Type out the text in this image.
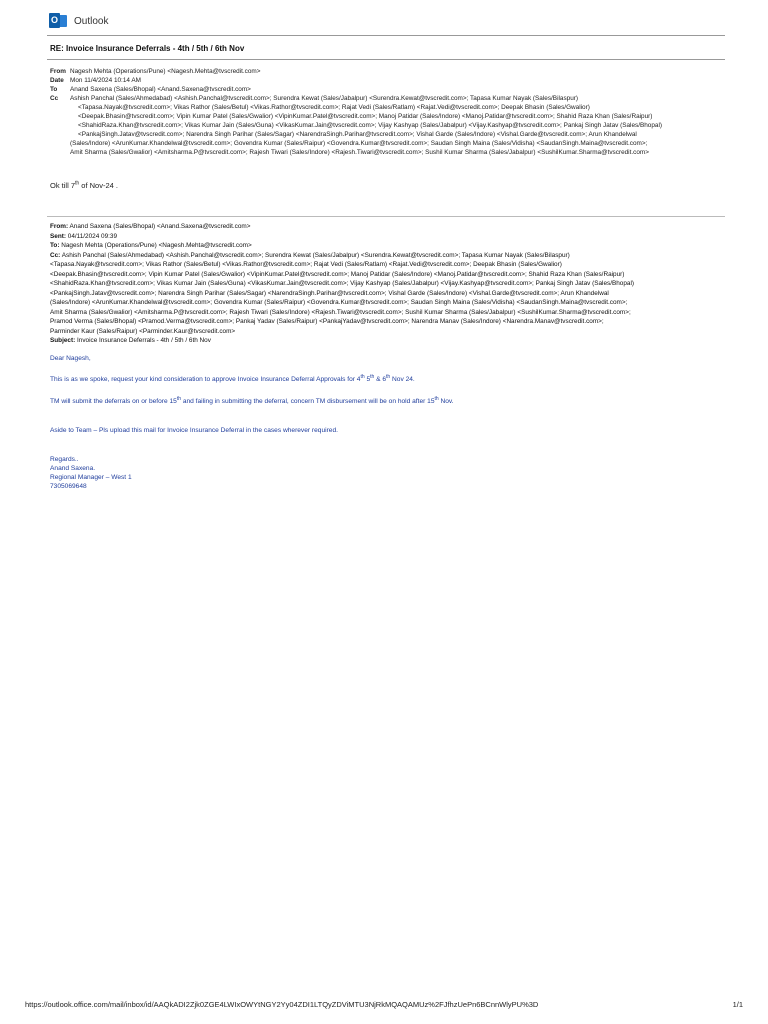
O Outlook
RE: Invoice Insurance Deferrals - 4th / 5th / 6th Nov
From Nagesh Mehta (Operations/Pune) <Nagesh.Mehta@tvscredit.com>
Date Mon 11/4/2024 10:14 AM
To	Anand Saxena (Sales/Bhopal) <Anand.Saxena@tvscredit.com>
Cc	Ashish Panchal (Sales/Ahmedabad) <Ashish.Panchal@tvscredit.com>; Surendra Kewat (Sales/Jabalpur) <Surendra.Kewat@tvscredit.com>; Tapasa Kumar Nayak (Sales/Bilaspur)
<Tapasa.Nayak@tvscredit.com>; Vikas Rathor (Sales/Betul) <Vikas.Rathor@tvscredit.com>; Rajat Vedi (Sales/Ratlam) <Rajat.Vedi@tvscredit.com>; Deepak Bhasin (Sales/Gwalior)
<Deepak.Bhasin@tvscredit.com>; Vipin Kumar Patel (Sales/Gwalior) <VipinKumar.Patel@tvscredit.com>; Manoj Patidar (Sales/Indore) <Manoj.Patidar@tvscredit.com>; Shahid Raza Khan (Sales/Raipur)
<ShahidRaza.Khan@tvscredit.com>; Vikas Kumar Jain (Sales/Guna) <VikasKumar.Jain@tvscredit.com>; Vijay Kashyap (Sales/Jabalpur) <Vijay.Kashyap@tvscredit.com>; Pankaj Singh Jatav (Sales/Bhopal)
<PankajSingh.Jatav@tvscredit.com>; Narendra Singh Parihar (Sales/Sagar) <NarendraSingh.Parihar@tvscredit.com>; Vishal Garde (Sales/Indore) <Vishal.Garde@tvscredit.com>; Arun Khandelwal
(Sales/Indore) <ArunKumar.Khandelwal@tvscredit.com>; Govendra Kumar (Sales/Raipur) <Govendra.Kumar@tvscredit.com>; Saudan Singh Maina (Sales/Vidisha) <SaudanSingh.Maina@tvscredit.com>;
Amit Sharma (Sales/Gwalior) <Amitsharma.P@tvscredit.com>; Rajesh Tiwari (Sales/Indore) <Rajesh.Tiwari@tvscredit.com>; Sushil Kumar Sharma (Sales/Jabalpur) <SushilKumar.Sharma@tvscredit.com>
Ok till 7th of Nov-24 .
From: Anand Saxena (Sales/Bhopal) <Anand.Saxena@tvscredit.com>
Sent: 04/11/2024 09:39
To: Nagesh Mehta (Operations/Pune) <Nagesh.Mehta@tvscredit.com>
Cc: Ashish Panchal (Sales/Ahmedabad) <Ashish.Panchal@tvscredit.com>; Surendra Kewat (Sales/Jabalpur) <Surendra.Kewat@tvscredit.com>; Tapasa Kumar Nayak (Sales/Bilaspur)
<Tapasa.Nayak@tvscredit.com>; Vikas Rathor (Sales/Betul) <Vikas.Rathor@tvscredit.com>; Rajat Vedi (Sales/Ratlam) <Rajat.Vedi@tvscredit.com>; Deepak Bhasin (Sales/Gwalior)
<Deepak.Bhasin@tvscredit.com>; Vipin Kumar Patel (Sales/Gwalior) <VipinKumar.Patel@tvscredit.com>; Manoj Patidar (Sales/Indore) <Manoj.Patidar@tvscredit.com>; Shahid Raza Khan (Sales/Raipur)
<ShahidRaza.Khan@tvscredit.com>; Vikas Kumar Jain (Sales/Guna) <VikasKumar.Jain@tvscredit.com>; Vijay Kashyap (Sales/Jabalpur) <Vijay.Kashyap@tvscredit.com>; Pankaj Singh Jatav (Sales/Bhopal)
<PankajSingh.Jatav@tvscredit.com>; Narendra Singh Parihar (Sales/Sagar) <NarendraSingh.Parihar@tvscredit.com>; Vishal Garde (Sales/Indore) <Vishal.Garde@tvscredit.com>; Arun Khandelwal
(Sales/Indore) <ArunKumar.Khandelwal@tvscredit.com>; Govendra Kumar (Sales/Raipur) <Govendra.Kumar@tvscredit.com>; Saudan Singh Maina (Sales/Vidisha) <SaudanSingh.Maina@tvscredit.com>;
Amit Sharma (Sales/Gwalior) <Amitsharma.P@tvscredit.com>; Rajesh Tiwari (Sales/Indore) <Rajesh.Tiwari@tvscredit.com>; Sushil Kumar Sharma (Sales/Jabalpur) <SushilKumar.Sharma@tvscredit.com>;
Pramod Verma (Sales/Bhopal) <Pramod.Verma@tvscredit.com>; Pankaj Yadav (Sales/Raipur) <PankajYadav@tvscredit.com>; Narendra Manav (Sales/Indore) <Narendra.Manav@tvscredit.com>;
Parminder Kaur (Sales/Raipur) <Parminder.Kaur@tvscredit.com>
Subject: Invoice Insurance Deferrals - 4th / 5th / 6th Nov
Dear Nagesh,
This is as we spoke, request your kind consideration to approve Invoice Insurance Deferral Approvals for 4th 5th & 6th Nov 24.
TM will submit the deferrals on or before 15th and failing in submitting the deferral, concern TM disbursement will be on hold after 15th Nov.
Aside to Team – Pls upload this mail for Invoice Insurance Deferral in the cases wherever required.
Regards..
Anand Saxena.
Regional Manager – West 1
7305069648
https://outlook.office.com/mail/inbox/id/AAQkADI2Zjk0ZGE4LWIxOWYtNGY2Yy04ZDI1LTQyZDViMTU3NjRkMQAQAMUz%2FJfhzUePn6BCnnWlyPU%3D	1/1
